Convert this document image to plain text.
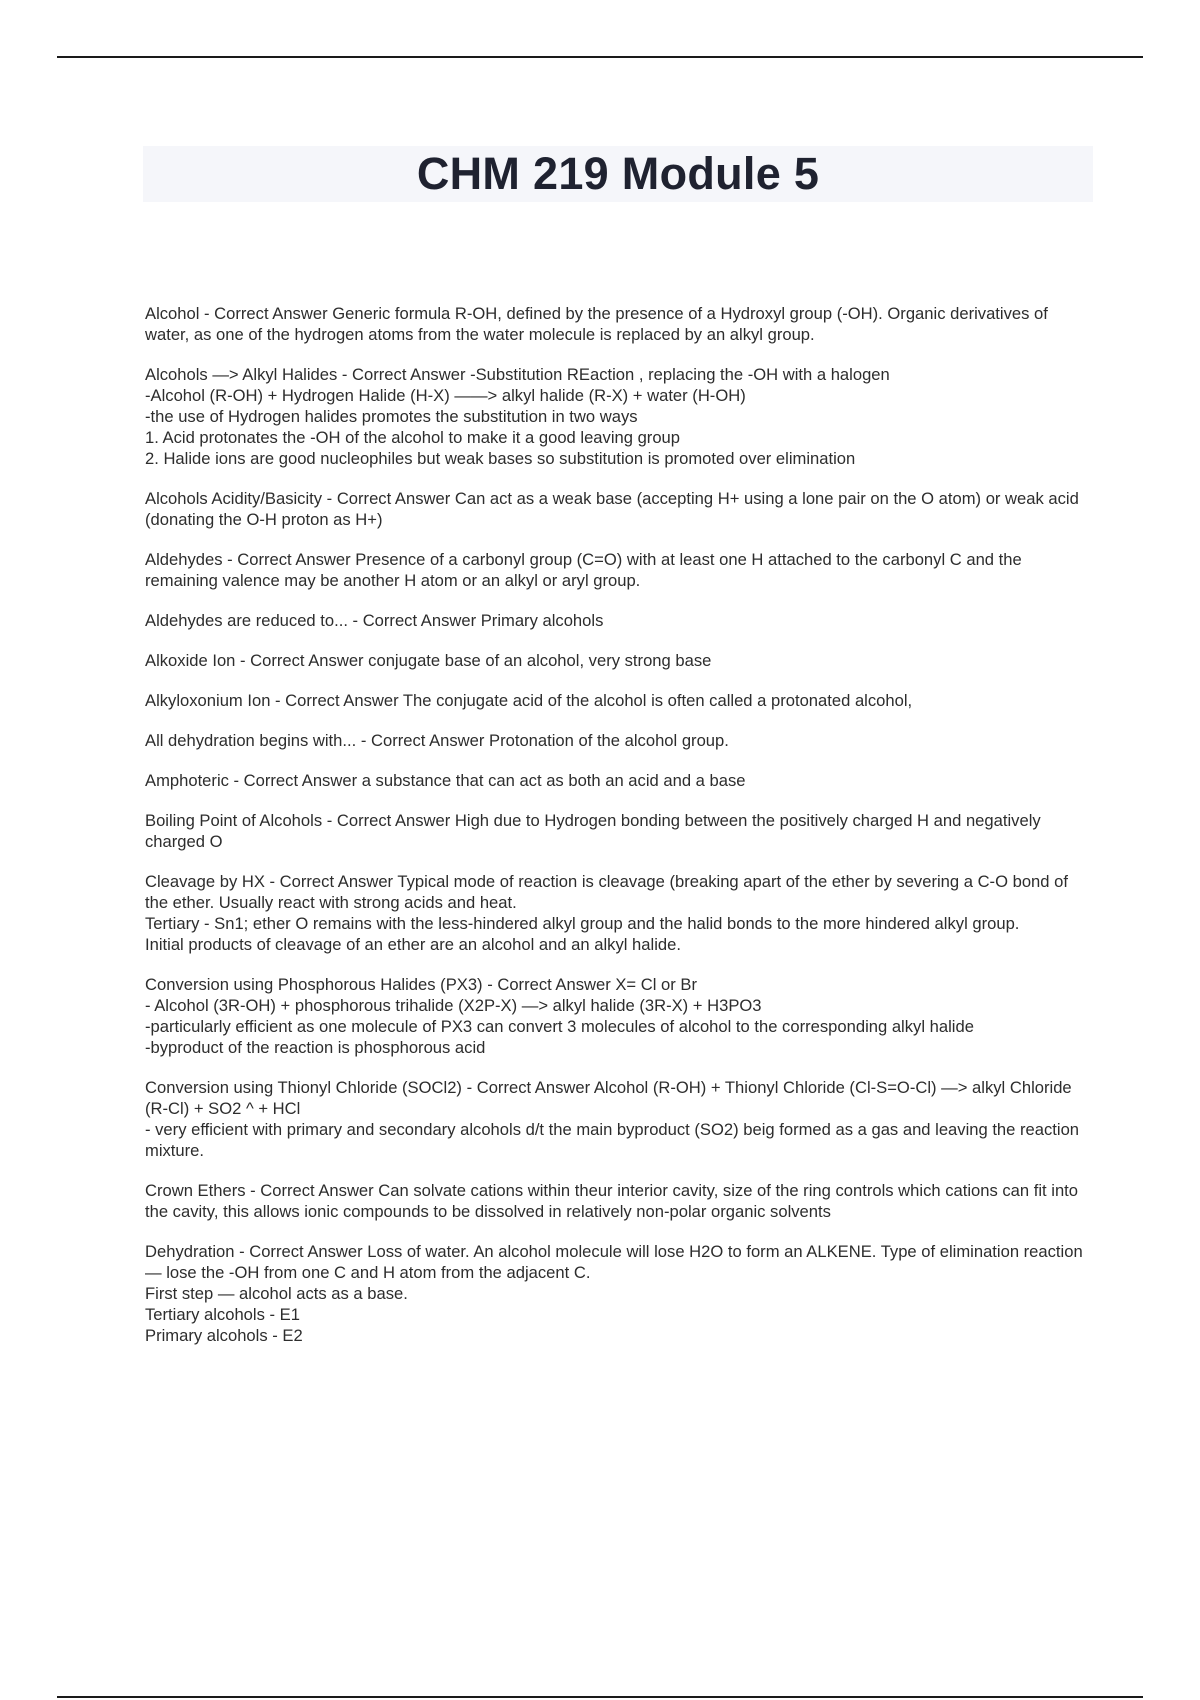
CHM 219 Module 5
Alcohol - Correct Answer Generic formula R-OH, defined by the presence of a Hydroxyl group (-OH). Organic derivatives of water, as one of the hydrogen atoms from the water molecule is replaced by an alkyl group.
Alcohols —> Alkyl Halides - Correct Answer -Substitution REaction , replacing the -OH with a halogen
-Alcohol (R-OH) + Hydrogen Halide (H-X) ——> alkyl halide (R-X) + water (H-OH)
-the use of Hydrogen halides promotes the substitution in two ways
1. Acid protonates the -OH of the alcohol to make it a good leaving group
2. Halide ions are good nucleophiles but weak bases so substitution is promoted over elimination
Alcohols Acidity/Basicity - Correct Answer Can act as a weak base (accepting H+ using a lone pair on the O atom) or weak acid (donating the O-H proton as H+)
Aldehydes - Correct Answer Presence of a carbonyl group (C=O) with at least one H attached to the carbonyl C and the remaining valence may be another H atom or an alkyl or aryl group.
Aldehydes are reduced to... - Correct Answer Primary alcohols
Alkoxide Ion - Correct Answer conjugate base of an alcohol, very strong base
Alkyloxonium Ion - Correct Answer The conjugate acid of the alcohol is often called a protonated alcohol,
All dehydration begins with... - Correct Answer Protonation of the alcohol group.
Amphoteric - Correct Answer a substance that can act as both an acid and a base
Boiling Point of Alcohols - Correct Answer High due to Hydrogen bonding between the positively charged H and negatively charged O
Cleavage by HX - Correct Answer Typical mode of reaction is cleavage (breaking apart of the ether by severing a C-O bond of the ether. Usually react with strong acids and heat.
Tertiary - Sn1; ether O remains with the less-hindered alkyl group and the halid bonds to the more hindered alkyl group.
Initial products of cleavage of an ether are an alcohol and an alkyl halide.
Conversion using Phosphorous Halides (PX3) - Correct Answer X= Cl or Br
- Alcohol (3R-OH) + phosphorous trihalide (X2P-X) —> alkyl halide (3R-X) + H3PO3
-particularly efficient as one molecule of PX3 can convert 3 molecules of alcohol to the corresponding alkyl halide
-byproduct of the reaction is phosphorous acid
Conversion using Thionyl Chloride (SOCl2) - Correct Answer Alcohol (R-OH) + Thionyl Chloride (Cl-S=O-Cl) —> alkyl Chloride (R-Cl) + SO2 ^ + HCl
- very efficient with primary and secondary alcohols d/t the main byproduct (SO2) beig formed as a gas and leaving the reaction mixture.
Crown Ethers - Correct Answer Can solvate cations within theur interior cavity, size of the ring controls which cations can fit into the cavity, this allows ionic compounds to be dissolved in relatively non-polar organic solvents
Dehydration - Correct Answer Loss of water. An alcohol molecule will lose H2O to form an ALKENE. Type of elimination reaction — lose the -OH from one C and H atom from the adjacent C.
First step — alcohol acts as a base.
Tertiary alcohols - E1
Primary alcohols - E2
